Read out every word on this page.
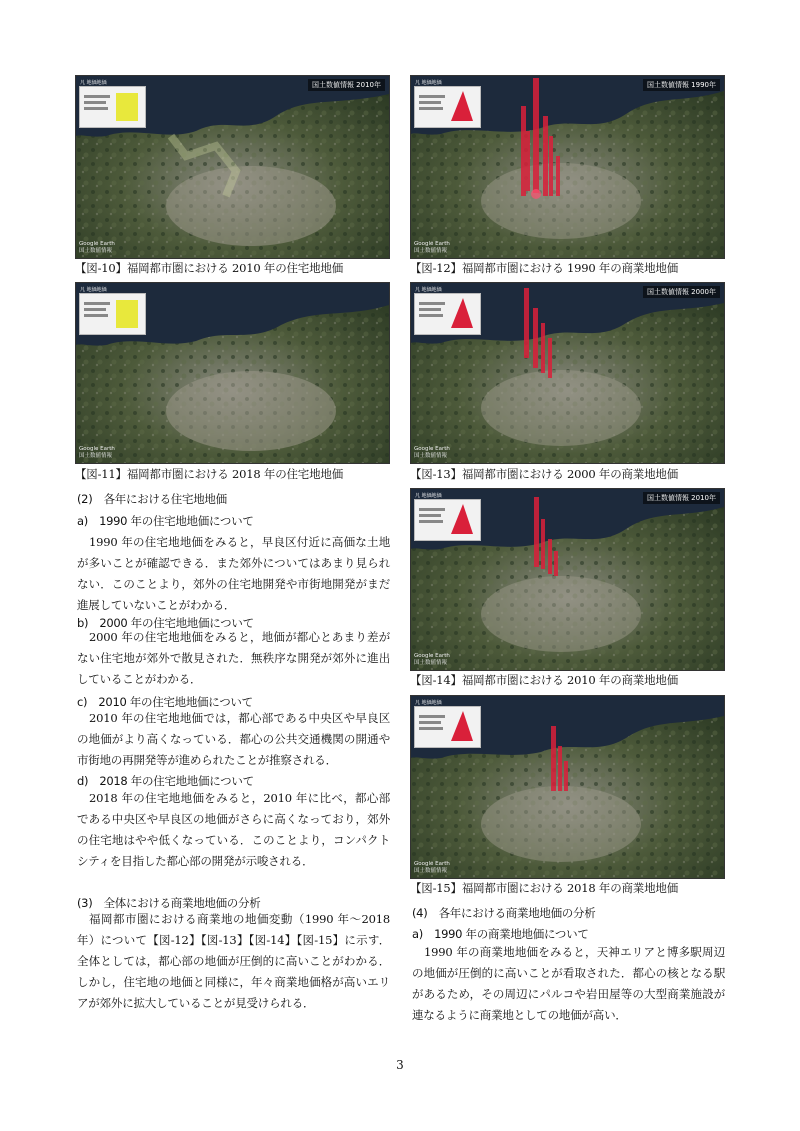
凡 地価地価	国土数値情報 2010年
Google Earth
国土数値情報
【図-10】福岡都市圏における 2010 年の住宅地地価
凡 地価地価
Google Earth
国土数値情報
【図-11】福岡都市圏における 2018 年の住宅地地価
凡 地価地価	国土数値情報 1990年
Google Earth
国土数値情報
【図-12】福岡都市圏における 1990 年の商業地地価
凡 地価地価	国土数値情報 2000年
Google Earth
国土数値情報
【図-13】福岡都市圏における 2000 年の商業地地価
凡 地価地価	国土数値情報 2010年
Google Earth
国土数値情報
【図-14】福岡都市圏における 2010 年の商業地地価
凡 地価地価
Google Earth
国土数値情報
【図-15】福岡都市圏における 2018 年の商業地地価
(2)　各年における住宅地地価
a)　1990 年の住宅地地価について
1990 年の住宅地地価をみると，早良区付近に高価な土地が多いことが確認できる．また郊外についてはあまり見られない．このことより，郊外の住宅地開発や市街地開発がまだ進展していないことがわかる．
b)　2000 年の住宅地地価について
2000 年の住宅地地価をみると，地価が都心とあまり差がない住宅地が郊外で散見された．無秩序な開発が郊外に進出していることがわかる．
c)　2010 年の住宅地地価について
2010 年の住宅地地価では，都心部である中央区や早良区の地価がより高くなっている．都心の公共交通機関の開通や市街地の再開発等が進められたことが推察される．
d)　2018 年の住宅地地価について
2018 年の住宅地地価をみると，2010 年に比べ，都心部である中央区や早良区の地価がさらに高くなっており，郊外の住宅地はやや低くなっている．このことより，コンパクトシティを目指した都心部の開発が示唆される．
(3)　全体における商業地地価の分析
福岡都市圏における商業地の地価変動（1990 年～2018 年）について【図-12】【図-13】【図-14】【図-15】に示す．全体としては，都心部の地価が圧倒的に高いことがわかる．しかし，住宅地の地価と同様に，年々商業地価格が高いエリアが郊外に拡大していることが見受けられる．
(4)　各年における商業地地価の分析
a)　1990 年の商業地地価について
1990 年の商業地地価をみると，天神エリアと博多駅周辺の地価が圧倒的に高いことが看取された．都心の核となる駅があるため，その周辺にパルコや岩田屋等の大型商業施設が連なるように商業地としての地価が高い．
3
